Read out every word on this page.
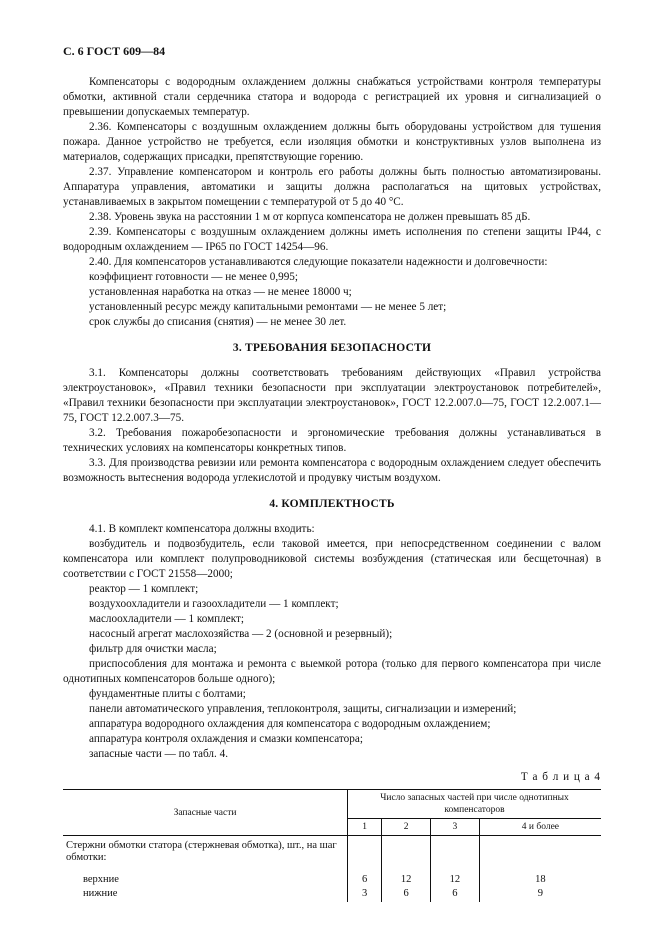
С. 6 ГОСТ 609—84

Компенсаторы с водородным охлаждением должны снабжаться устройствами контроля температуры обмотки, активной стали сердечника статора и водорода с регистрацией их уровня и сигнализацией о превышении допускаемых температур.

2.36. Компенсаторы с воздушным охлаждением должны быть оборудованы устройством для тушения пожара. Данное устройство не требуется, если изоляция обмотки и конструктивных узлов выполнена из материалов, содержащих присадки, препятствующие горению.

2.37. Управление компенсатором и контроль его работы должны быть полностью автоматизированы. Аппаратура управления, автоматики и защиты должна располагаться на щитовых устройствах, устанавливаемых в закрытом помещении с температурой от 5 до 40 °С.

2.38. Уровень звука на расстоянии 1 м от корпуса компенсатора не должен превышать 85 дБ.

2.39. Компенсаторы с воздушным охлаждением должны иметь исполнения по степени защиты IP44, с водородным охлаждением — IP65 по ГОСТ 14254—96.

2.40. Для компенсаторов устанавливаются следующие показатели надежности и долговечности:

коэффициент готовности — не менее 0,995;

установленная наработка на отказ — не менее 18000 ч;

установленный ресурс между капитальными ремонтами — не менее 5 лет;

срок службы до списания (снятия) — не менее 30 лет.

3. ТРЕБОВАНИЯ БЕЗОПАСНОСТИ

3.1. Компенсаторы должны соответствовать требованиям действующих «Правил устройства электроустановок», «Правил техники безопасности при эксплуатации электроустановок потребителей», «Правил техники безопасности при эксплуатации электроустановок», ГОСТ 12.2.007.0—75, ГОСТ 12.2.007.1—75, ГОСТ 12.2.007.3—75.

3.2. Требования пожаробезопасности и эргономические требования должны устанавливаться в технических условиях на компенсаторы конкретных типов.

3.3. Для производства ревизии или ремонта компенсатора с водородным охлаждением следует обеспечить возможность вытеснения водорода углекислотой и продувку чистым воздухом.

4. КОМПЛЕКТНОСТЬ

4.1. В комплект компенсатора должны входить:

возбудитель и подвозбудитель, если таковой имеется, при непосредственном соединении с валом компенсатора или комплект полупроводниковой системы возбуждения (статическая или бесщеточная) в соответствии с ГОСТ 21558—2000;

реактор — 1 комплект;

воздухоохладители и газоохладители — 1 комплект;

маслоохладители — 1 комплект;

насосный агрегат маслохозяйства — 2 (основной и резервный);

фильтр для очистки масла;

приспособления для монтажа и ремонта с выемкой ротора (только для первого компенсатора при числе однотипных компенсаторов больше одного);

фундаментные плиты с болтами;

панели автоматического управления, теплоконтроля, защиты, сигнализации и измерений;

аппаратура водородного охлаждения для компенсатора с водородным охлаждением;

аппаратура контроля охлаждения и смазки компенсатора;

запасные части — по табл. 4.

Т а б л и ц а 4
Запасные части	Число запасных частей при числе однотипных компенсаторов			
	1	2	3	4 и более
Стержни обмотки статора (стержневая обмотка), шт., на шаг обмотки:				
верхние	6	12	12	18
нижние	3	6	6	9
